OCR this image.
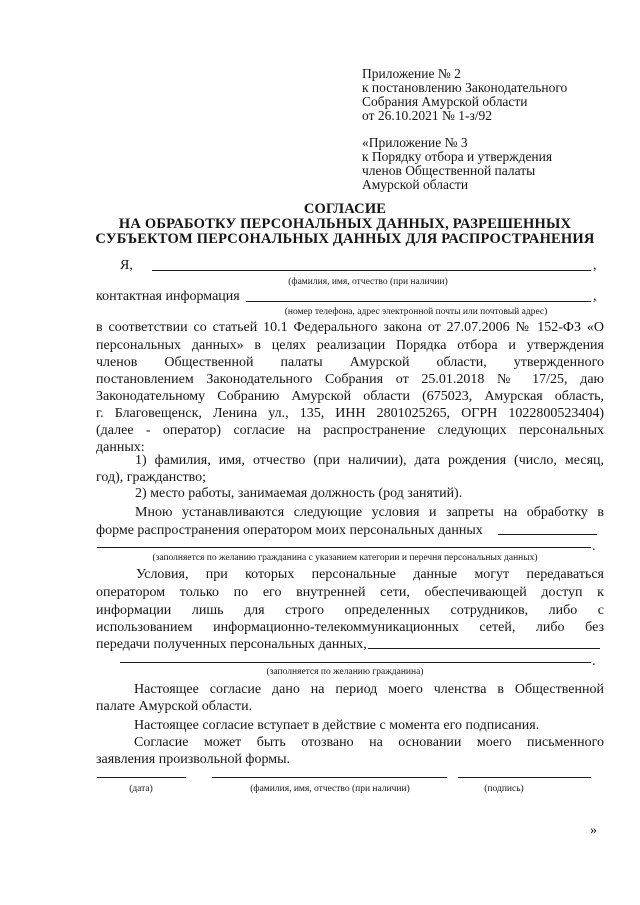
Приложение № 2
к постановлению Законодательного
Собрания Амурской области
от 26.10.2021 № 1-з/92
«Приложение № 3
к Порядку отбора и утверждения
членов Общественной палаты
Амурской области
СОГЛАСИЕ
НА ОБРАБОТКУ ПЕРСОНАЛЬНЫХ ДАННЫХ, РАЗРЕШЕННЫХ
СУБЪЕКТОМ ПЕРСОНАЛЬНЫХ ДАННЫХ ДЛЯ РАСПРОСТРАНЕНИЯ
Я,	,
(фамилия, имя, отчество (при наличии)
контактная информация	,
(номер телефона, адрес электронной почты или почтовый адрес)
в соответствии со статьей 10.1 Федерального закона от 27.07.2006 № 152-ФЗ «О
персональных данных» в целях реализации Порядка отбора и утверждения
членов Общественной палаты Амурской области, утвержденного
постановлением Законодательного Собрания от 25.01.2018 № 17/25, даю
Законодательному Собранию Амурской области (675023, Амурская область,
г. Благовещенск, Ленина ул., 135, ИНН 2801025265, ОГРН 1022800523404)
(далее - оператор) согласие на распространение следующих персональных
данных:
1) фамилия, имя, отчество (при наличии), дата рождения (число, месяц,
год), гражданство;
2) место работы, занимаемая должность (род занятий).
Мною устанавливаются следующие условия и запреты на обработку в
форме распространения оператором моих персональных данных
.
(заполняется по желанию гражданина с указанием категории и перечня персональных данных)
Условия, при которых персональные данные могут передаваться
оператором только по его внутренней сети, обеспечивающей доступ к
информации лишь для строго определенных сотрудников, либо с
использованием информационно-телекоммуникационных сетей, либо без
передачи полученных персональных данных,
.
(заполняется по желанию гражданина)
Настоящее согласие дано на период моего членства в Общественной
палате Амурской области.
Настоящее согласие вступает в действие с момента его подписания.
Согласие может быть отозвано на основании моего письменного
заявления произвольной формы.
(дата)	(фамилия, имя, отчество (при наличии)	(подпись)
»
